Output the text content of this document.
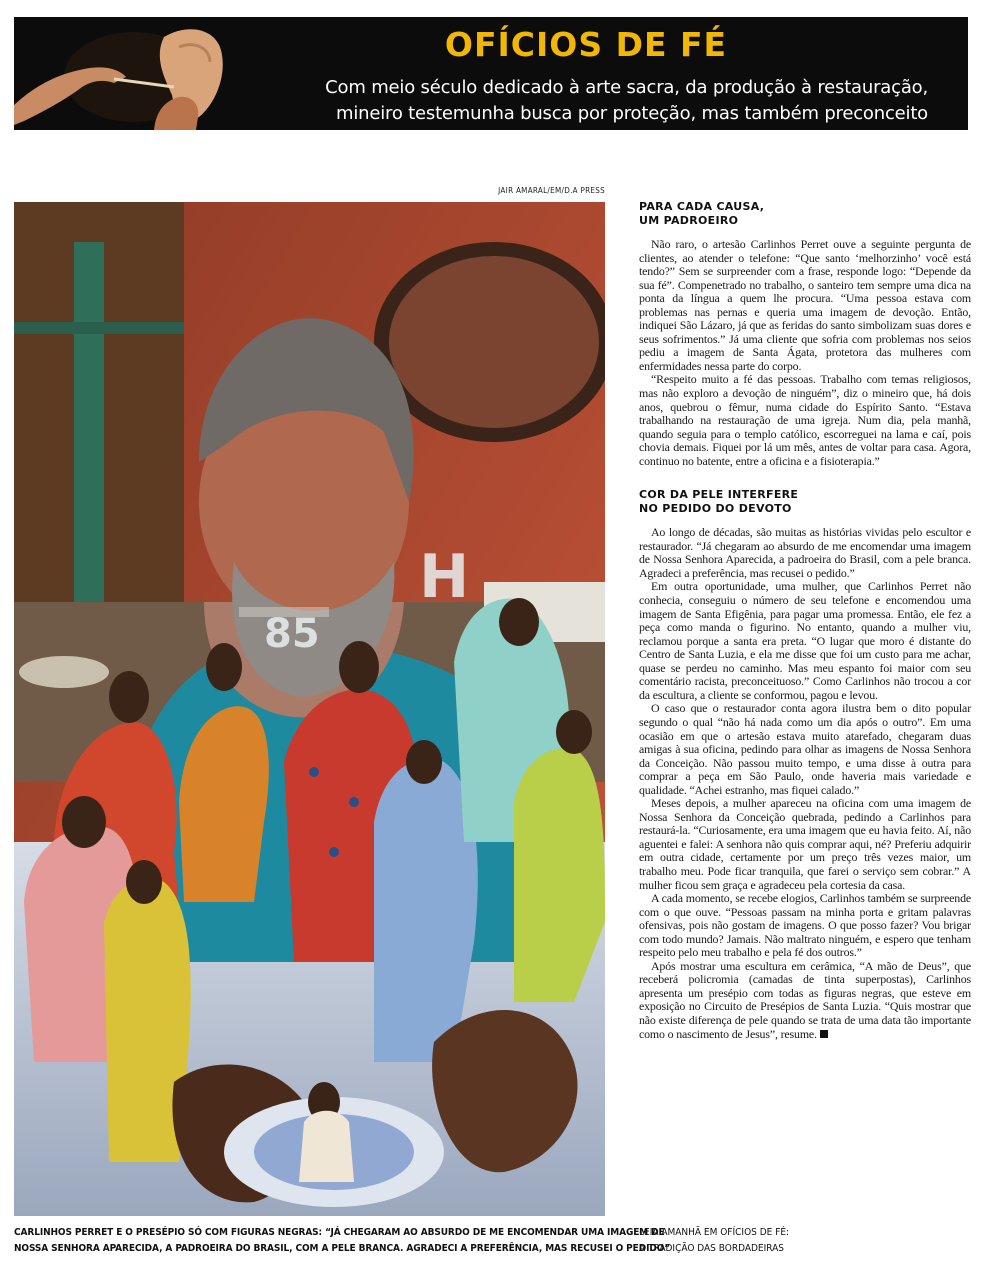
OFÍCIOS DE FÉ
Com meio século dedicado à arte sacra, da produção à restauração,
mineiro testemunha busca por proteção, mas também preconceito
JAIR AMARAL/EM/D.A PRESS
85
H

CARLINHOS PERRET E O PRESÉPIO SÓ COM FIGURAS NEGRAS: “JÁ CHEGARAM AO ABSURDO DE ME ENCOMENDAR UMA IMAGEM DE

NOSSA SENHORA APARECIDA, A PADROEIRA DO BRASIL, COM A PELE BRANCA. AGRADECI A PREFERÊNCIA, MAS RECUSEI O PEDIDO”

PARA CADA CAUSA,
UM PADROEIRO

Não raro, o artesão Carlinhos Perret ouve a seguinte pergunta de clientes, ao atender o telefone: “Que santo ‘melhorzinho’ você está tendo?” Sem se surpreender com a frase, responde logo: “Depende da sua fé”. Compenetrado no trabalho, o santeiro tem sempre uma dica na ponta da língua a quem lhe procura. “Uma pessoa estava com problemas nas pernas e queria uma imagem de devoção. Então, indiquei São Lázaro, já que as feridas do santo simbolizam suas dores e seus sofrimentos.” Já uma cliente que sofria com problemas nos seios pediu a imagem de Santa Ágata, protetora das mulheres com enfermidades nessa parte do corpo.

“Respeito muito a fé das pessoas. Trabalho com temas religiosos, mas não exploro a devoção de ninguém”, diz o mineiro que, há dois anos, quebrou o fêmur, numa cidade do Espírito Santo. “Estava trabalhando na restauração de uma igreja. Num dia, pela manhã, quando seguia para o templo católico, escorreguei na lama e caí, pois chovia demais. Fiquei por lá um mês, antes de voltar para casa. Agora, continuo no batente, entre a oficina e a fisioterapia.”

COR DA PELE INTERFERE
NO PEDIDO DO DEVOTO

Ao longo de décadas, são muitas as histórias vividas pelo escultor e restaurador. “Já chegaram ao absurdo de me encomendar uma imagem de Nossa Senhora Aparecida, a padroeira do Brasil, com a pele branca. Agradeci a preferência, mas recusei o pedido.”

Em outra oportunidade, uma mulher, que Carlinhos Perret não conhecia, conseguiu o número de seu telefone e encomendou uma imagem de Santa Efigênia, para pagar uma promessa. Então, ele fez a peça como manda o figurino. No entanto, quando a mulher viu, reclamou porque a santa era preta. “O lugar que moro é distante do Centro de Santa Luzia, e ela me disse que foi um custo para me achar, quase se perdeu no caminho. Mas meu espanto foi maior com seu comentário racista, preconceituoso.” Como Carlinhos não trocou a cor da escultura, a cliente se conformou, pagou e levou.

O caso que o restaurador conta agora ilustra bem o dito popular segundo o qual “não há nada como um dia após o outro”. Em uma ocasião em que o artesão estava muito atarefado, chegaram duas amigas à sua oficina, pedindo para olhar as imagens de Nossa Senhora da Conceição. Não passou muito tempo, e uma disse à outra para comprar a peça em São Paulo, onde haveria mais variedade e qualidade. “Achei estranho, mas fiquei calado.”

Meses depois, a mulher apareceu na oficina com uma imagem de Nossa Senhora da Conceição quebrada, pedindo a Carlinhos para restaurá-la. “Curiosamente, era uma imagem que eu havia feito. Aí, não aguentei e falei: A senhora não quis comprar aqui, né? Preferiu adquirir em outra cidade, certamente por um preço três vezes maior, um trabalho meu. Pode ficar tranquila, que farei o serviço sem cobrar.” A mulher ficou sem graça e agradeceu pela cortesia da casa.

A cada momento, se recebe elogios, Carlinhos também se surpreende com o que ouve. “Pessoas passam na minha porta e gritam palavras ofensivas, pois não gostam de imagens. O que posso fazer? Vou brigar com todo mundo? Jamais. Não maltrato ninguém, e espero que tenham respeito pelo meu trabalho e pela fé dos outros.”

Após mostrar uma escultura em cerâmica, “A mão de Deus”, que receberá policromia (camadas de tinta superpostas), Carlinhos apresenta um presépio com todas as figuras negras, que esteve em exposição no Circuito de Presépios de Santa Luzia. “Quis mostrar que não existe diferença de pele quando se trata de uma data tão importante como o nascimento de Jesus”, resume.

LEIA AMANHÃ EM OFÍCIOS DE FÉ:
A TRADIÇÃO DAS BORDADEIRAS
